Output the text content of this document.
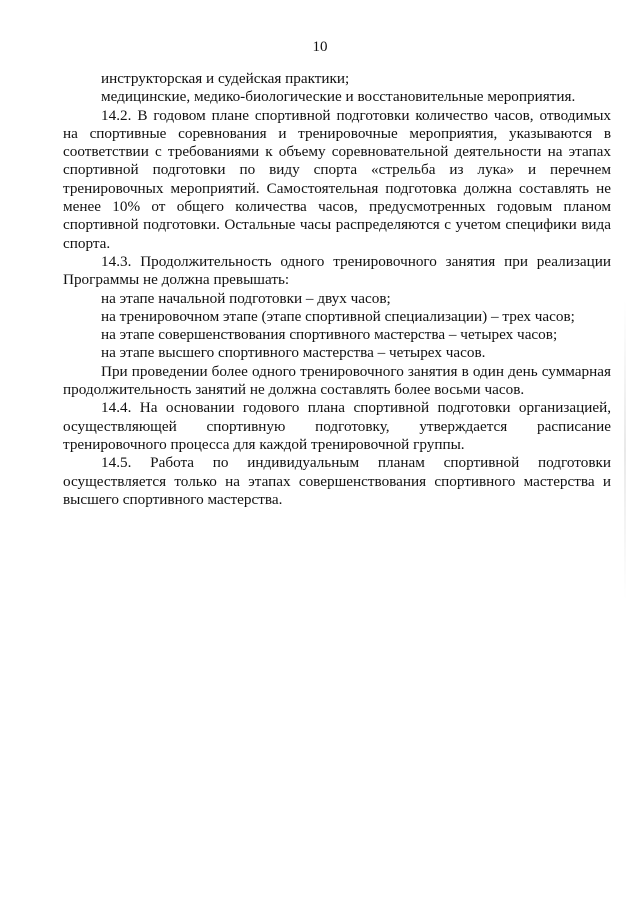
10

инструкторская и судейская практики;

медицинские, медико-биологические и восстановительные мероприятия.

14.2. В годовом плане спортивной подготовки количество часов, отводимых на спортивные соревнования и тренировочные мероприятия, указываются в соответствии с требованиями к объему соревновательной деятельности на этапах спортивной подготовки по виду спорта «стрельба из лука» и перечнем тренировочных мероприятий. Самостоятельная подготовка должна составлять не менее 10% от общего количества часов, предусмотренных годовым планом спортивной подготовки. Остальные часы распределяются с учетом специфики вида спорта.

14.3. Продолжительность одного тренировочного занятия при реализации Программы не должна превышать:

на этапе начальной подготовки – двух часов;

на тренировочном этапе (этапе спортивной специализации) – трех часов;

на этапе совершенствования спортивного мастерства – четырех часов;

на этапе высшего спортивного мастерства – четырех часов.

При проведении более одного тренировочного занятия в один день суммарная продолжительность занятий не должна составлять более восьми часов.

14.4. На основании годового плана спортивной подготовки организацией, осуществляющей спортивную подготовку, утверждается расписание тренировочного процесса для каждой тренировочной группы.

14.5. Работа по индивидуальным планам спортивной подготовки осуществляется только на этапах совершенствования спортивного мастерства и высшего спортивного мастерства.
